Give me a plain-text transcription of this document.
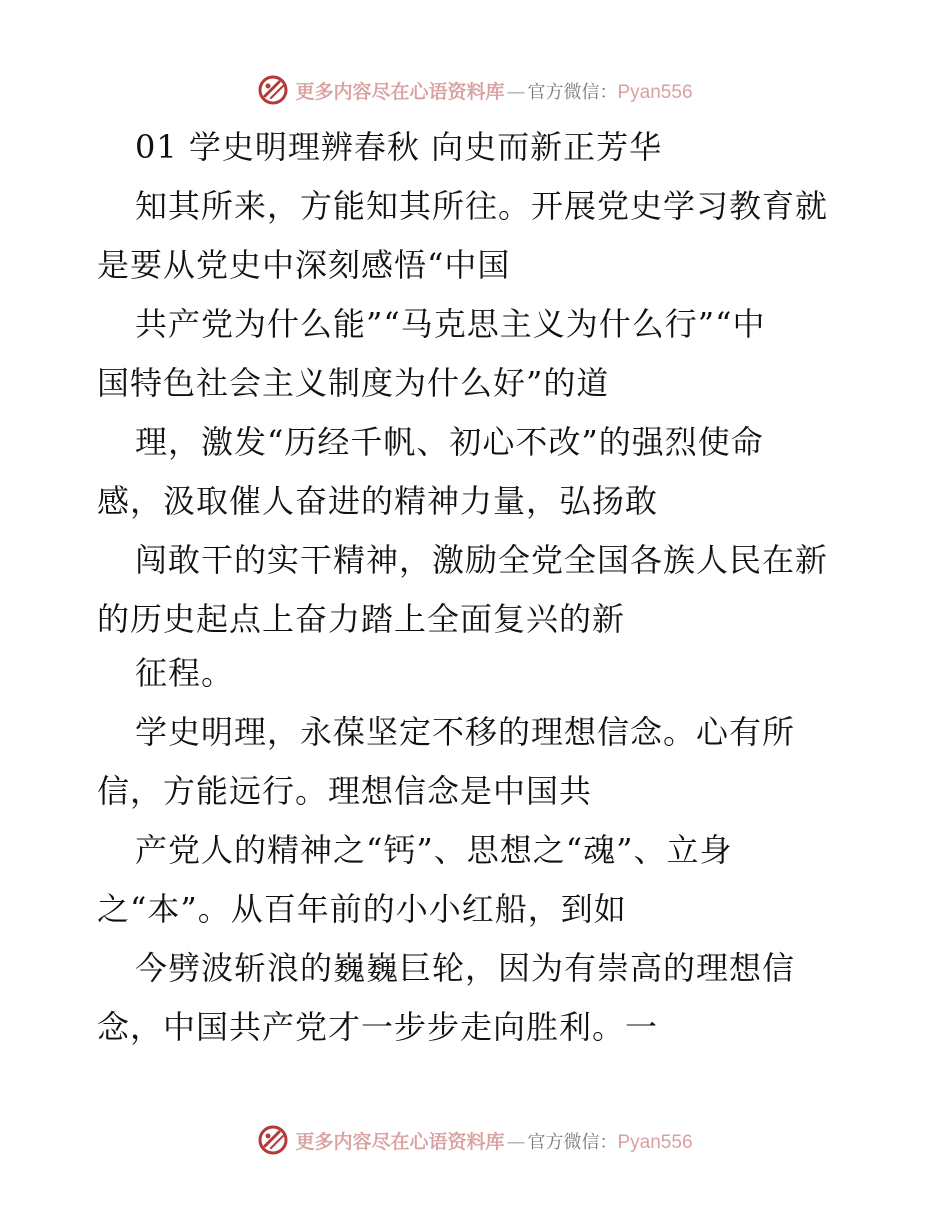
更多内容尽在心语资料库 — 官方微信： Pyan556
01 学史明理辨春秋 向史而新正芳华
知其所来，方能知其所往。开展党史学习教育就
是要从党史中深刻感悟“中国
共产党为什么能”“马克思主义为什么行”“中
国特色社会主义制度为什么好”的道
理，激发“历经千帆、初心不改”的强烈使命
感，汲取催人奋进的精神力量，弘扬敢
闯敢干的实干精神，激励全党全国各族人民在新
的历史起点上奋力踏上全面复兴的新
征程。
学史明理，永葆坚定不移的理想信念。心有所
信，方能远行。理想信念是中国共
产党人的精神之“钙”、思想之“魂”、立身
之“本”。从百年前的小小红船，到如
今劈波斩浪的巍巍巨轮，因为有崇高的理想信
念，中国共产党才一步步走向胜利。一
更多内容尽在心语资料库 — 官方微信： Pyan556
